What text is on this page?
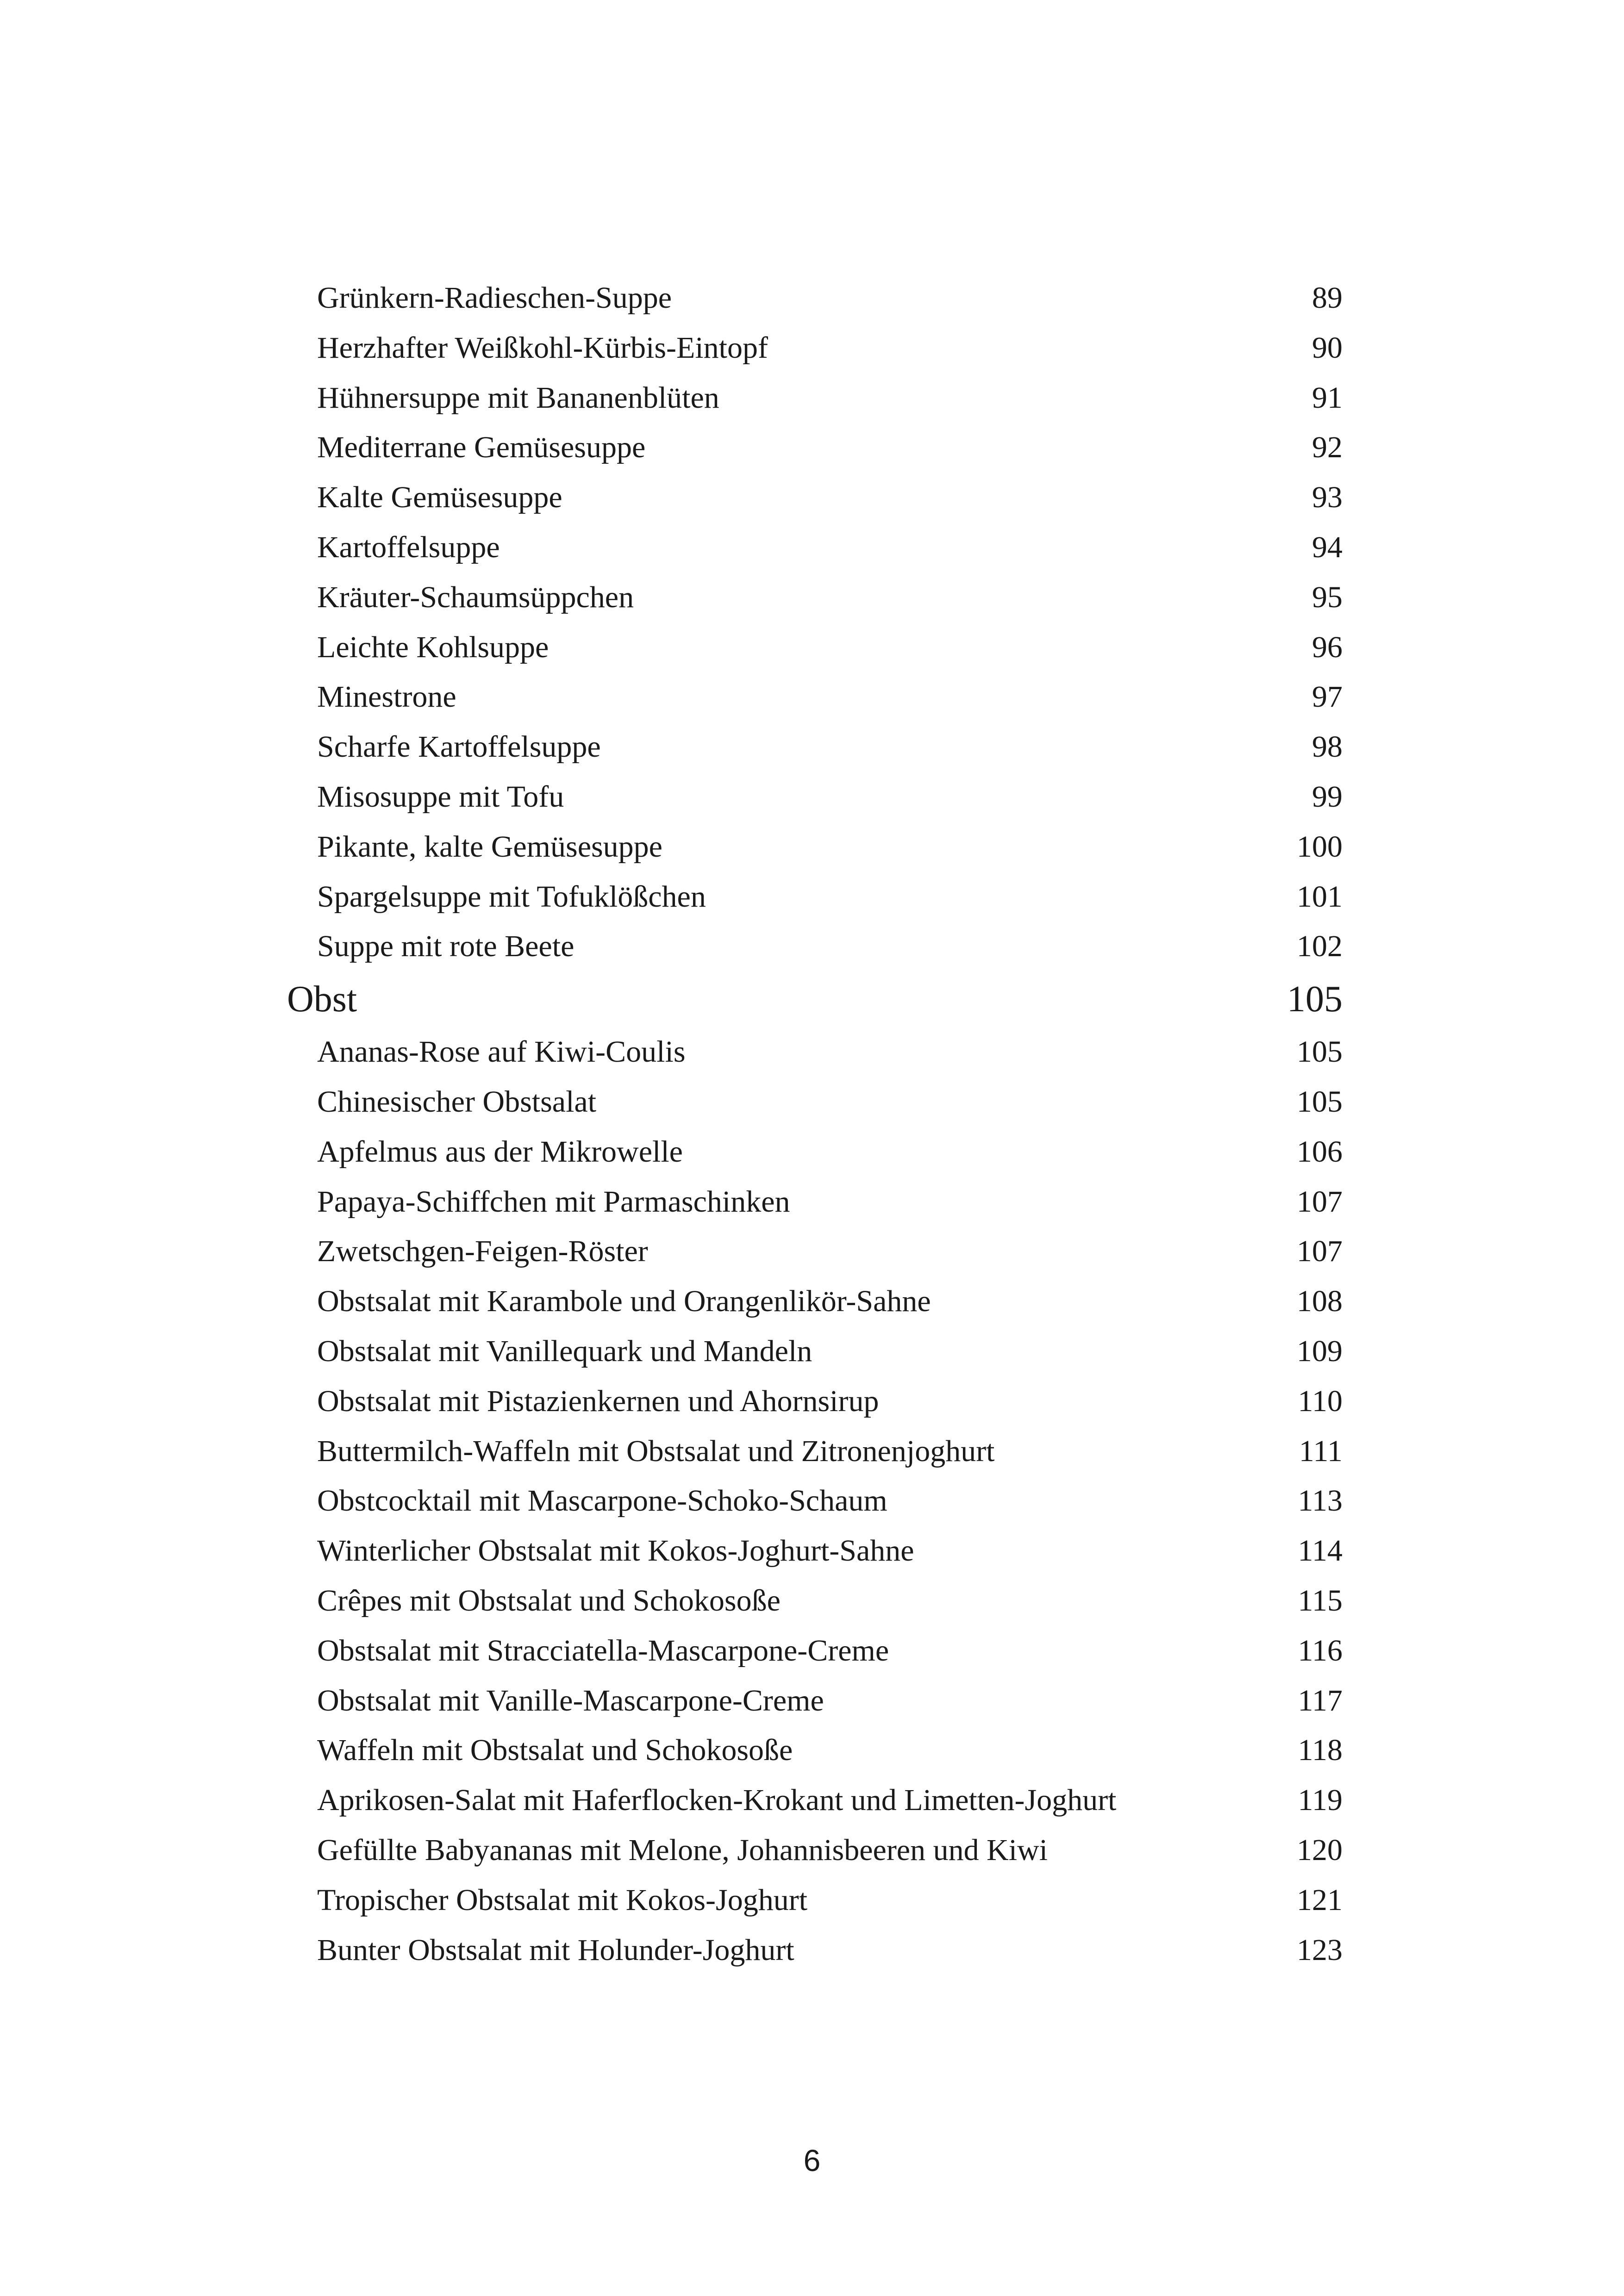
Grünkern-Radieschen-Suppe	89
Herzhafter Weißkohl-Kürbis-Eintopf	90
Hühnersuppe mit Bananenblüten	91
Mediterrane Gemüsesuppe	92
Kalte Gemüsesuppe	93
Kartoffelsuppe	94
Kräuter-Schaumsüppchen	95
Leichte Kohlsuppe	96
Minestrone	97
Scharfe Kartoffelsuppe	98
Misosuppe mit Tofu	99
Pikante, kalte Gemüsesuppe	100
Spargelsuppe mit Tofuklößchen	101
Suppe mit rote Beete	102
Obst	105
Ananas-Rose auf Kiwi-Coulis	105
Chinesischer Obstsalat	105
Apfelmus aus der Mikrowelle	106
Papaya-Schiffchen mit Parmaschinken	107
Zwetschgen-Feigen-Röster	107
Obstsalat mit Karambole und Orangenlikör-Sahne	108
Obstsalat mit Vanillequark und Mandeln	109
Obstsalat mit Pistazienkernen und Ahornsirup	110
Buttermilch-Waffeln mit Obstsalat und Zitronenjoghurt	111
Obstcocktail mit Mascarpone-Schoko-Schaum	113
Winterlicher Obstsalat mit Kokos-Joghurt-Sahne	114
Crêpes mit Obstsalat und Schokosoße	115
Obstsalat mit Stracciatella-Mascarpone-Creme	116
Obstsalat mit Vanille-Mascarpone-Creme	117
Waffeln mit Obstsalat und Schokosoße	118
Aprikosen-Salat mit Haferflocken-Krokant und Limetten-Joghurt	119
Gefüllte Babyananas mit Melone, Johannisbeeren und Kiwi	120
Tropischer Obstsalat mit Kokos-Joghurt	121
Bunter Obstsalat mit Holunder-Joghurt	123
6
